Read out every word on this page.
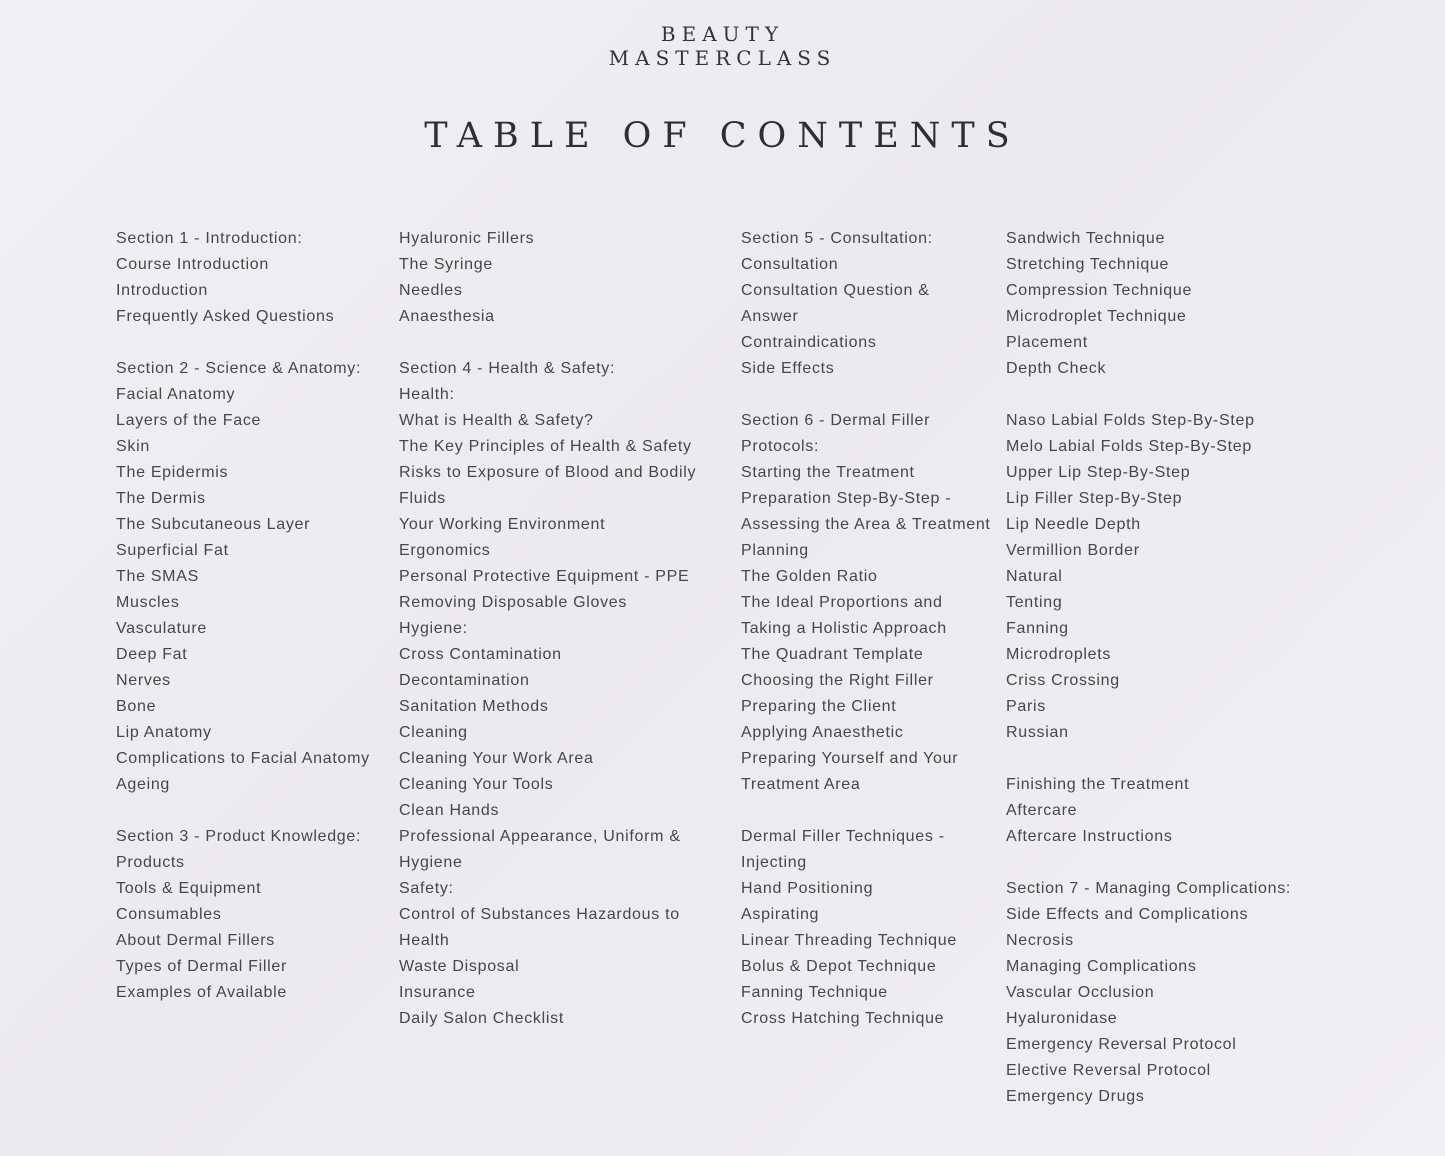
BEAUTY
MASTERCLASS
TABLE OF CONTENTS
Section 1 - Introduction:
Course Introduction
Introduction
Frequently Asked Questions
Section 2 - Science & Anatomy:
Facial Anatomy
Layers of the Face
Skin
The Epidermis
The Dermis
The Subcutaneous Layer
Superficial Fat
The SMAS
Muscles
Vasculature
Deep Fat
Nerves
Bone
Lip Anatomy
Complications to Facial Anatomy
Ageing
Section 3 - Product Knowledge:
Products
Tools & Equipment
Consumables
About Dermal Fillers
Types of Dermal Filler
Examples of Available
Hyaluronic Fillers
The Syringe
Needles
Anaesthesia
Section 4 - Health & Safety:
Health:
What is Health & Safety?
The Key Principles of Health & Safety
Risks to Exposure of Blood and Bodily
Fluids
Your Working Environment
Ergonomics
Personal Protective Equipment - PPE
Removing Disposable Gloves
Hygiene:
Cross Contamination
Decontamination
Sanitation Methods
Cleaning
Cleaning Your Work Area
Cleaning Your Tools
Clean Hands
Professional Appearance, Uniform &
Hygiene
Safety:
Control of Substances Hazardous to
Health
Waste Disposal
Insurance
Daily Salon Checklist
Section 5 - Consultation:
Consultation
Consultation Question &
Answer
Contraindications
Side Effects
Section 6 - Dermal Filler
Protocols:
Starting the Treatment
Preparation Step-By-Step -
Assessing the Area & Treatment
Planning
The Golden Ratio
The Ideal Proportions and
Taking a Holistic Approach
The Quadrant Template
Choosing the Right Filler
Preparing the Client
Applying Anaesthetic
Preparing Yourself and Your
Treatment Area
Dermal Filler Techniques -
Injecting
Hand Positioning
Aspirating
Linear Threading Technique
Bolus & Depot Technique
Fanning Technique
Cross Hatching Technique
Sandwich Technique
Stretching Technique
Compression Technique
Microdroplet Technique
Placement
Depth Check
Naso Labial Folds Step-By-Step
Melo Labial Folds Step-By-Step
Upper Lip Step-By-Step
Lip Filler Step-By-Step
Lip Needle Depth
Vermillion Border
Natural
Tenting
Fanning
Microdroplets
Criss Crossing
Paris
Russian
Finishing the Treatment
Aftercare
Aftercare Instructions
Section 7 - Managing Complications:
Side Effects and Complications
Necrosis
Managing Complications
Vascular Occlusion
Hyaluronidase
Emergency Reversal Protocol
Elective Reversal Protocol
Emergency Drugs
